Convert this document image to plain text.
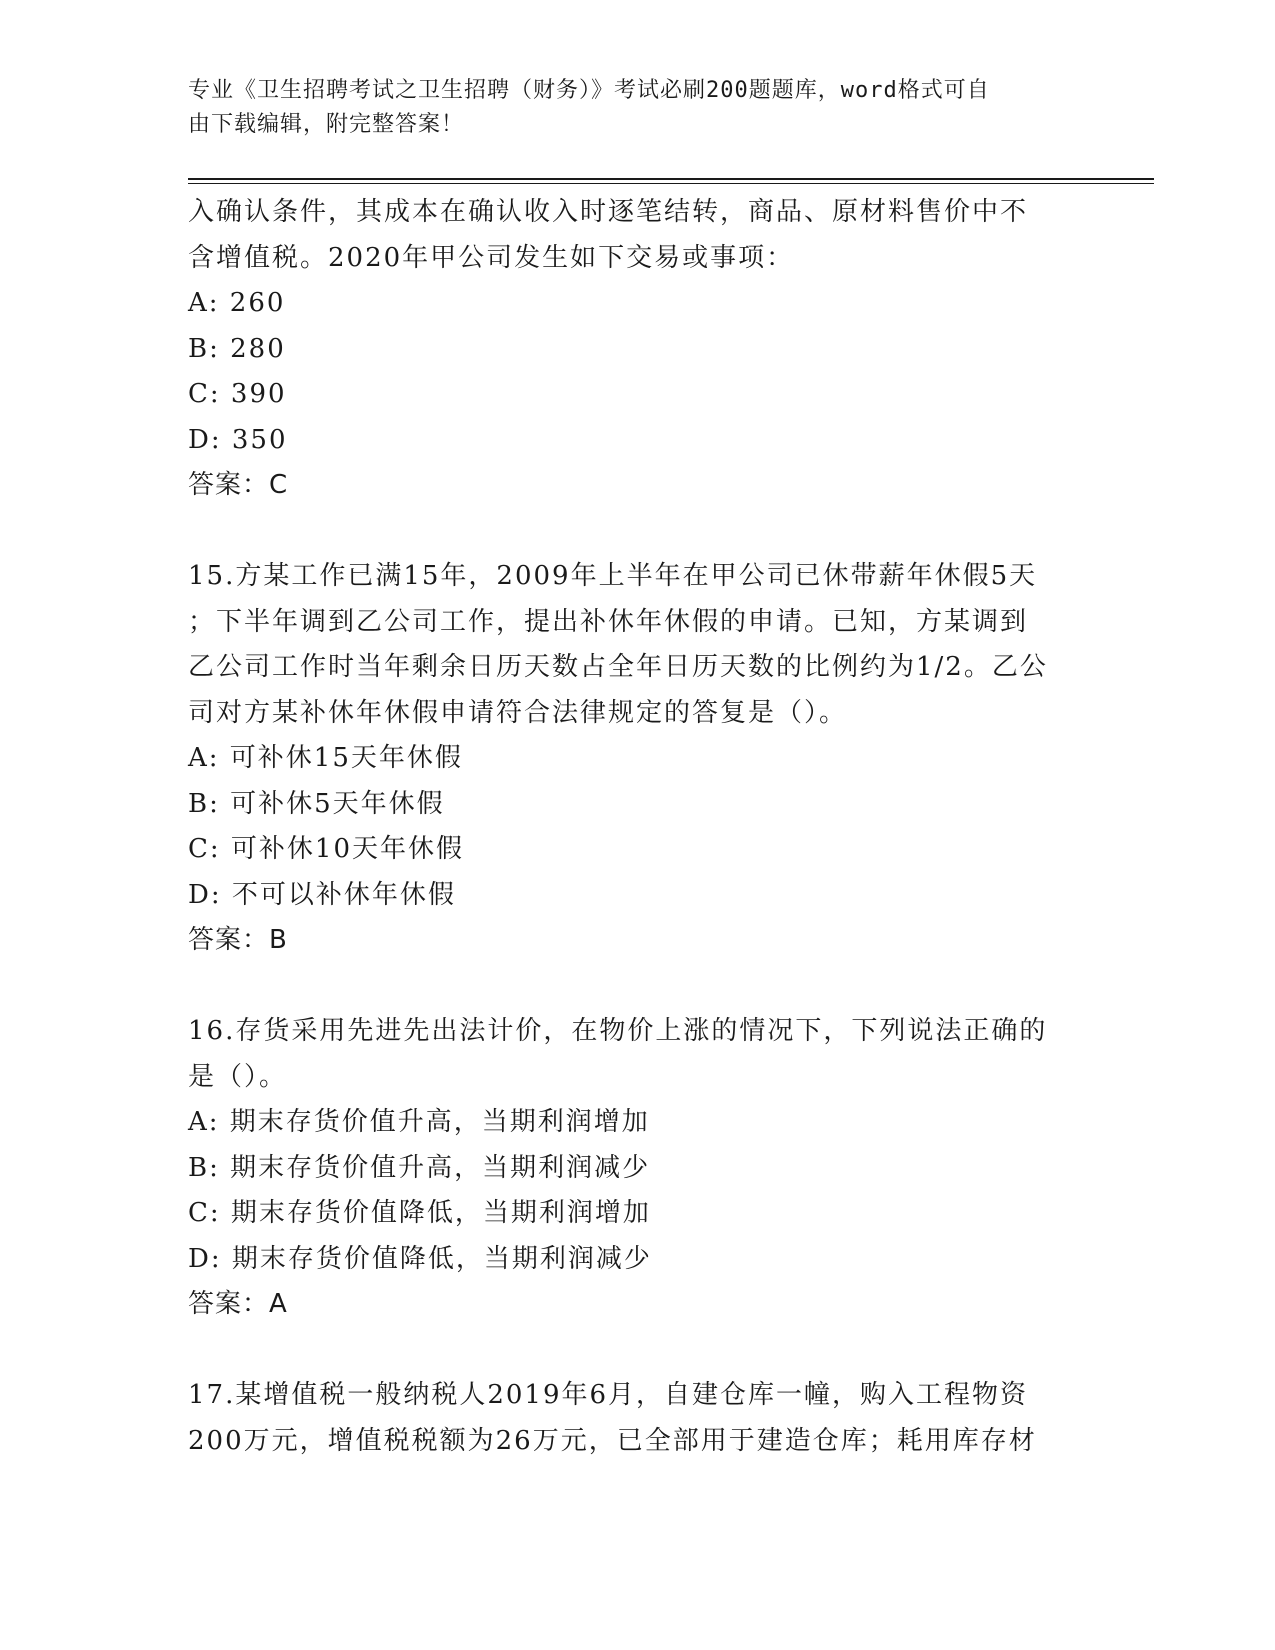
专业《卫生招聘考试之卫生招聘（财务）》考试必刷200题题库，word格式可自
由下载编辑，附完整答案！
入确认条件，其成本在确认收入时逐笔结转，商品、原材料售价中不
含增值税。2020年甲公司发生如下交易或事项：
A: 260
B: 280
C: 390
D: 350
答案：C
15.方某工作已满15年，2009年上半年在甲公司已休带薪年休假5天
；下半年调到乙公司工作，提出补休年休假的申请。已知，方某调到
乙公司工作时当年剩余日历天数占全年日历天数的比例约为1/2。乙公
司对方某补休年休假申请符合法律规定的答复是（）。
A: 可补休15天年休假
B: 可补休5天年休假
C: 可补休10天年休假
D: 不可以补休年休假
答案：B
16.存货采用先进先出法计价，在物价上涨的情况下，下列说法正确的
是（）。
A: 期末存货价值升高，当期利润增加
B: 期末存货价值升高，当期利润减少
C: 期末存货价值降低，当期利润增加
D: 期末存货价值降低，当期利润减少
答案：A
17.某增值税一般纳税人2019年6月，自建仓库一幢，购入工程物资
200万元，增值税税额为26万元，已全部用于建造仓库；耗用库存材
